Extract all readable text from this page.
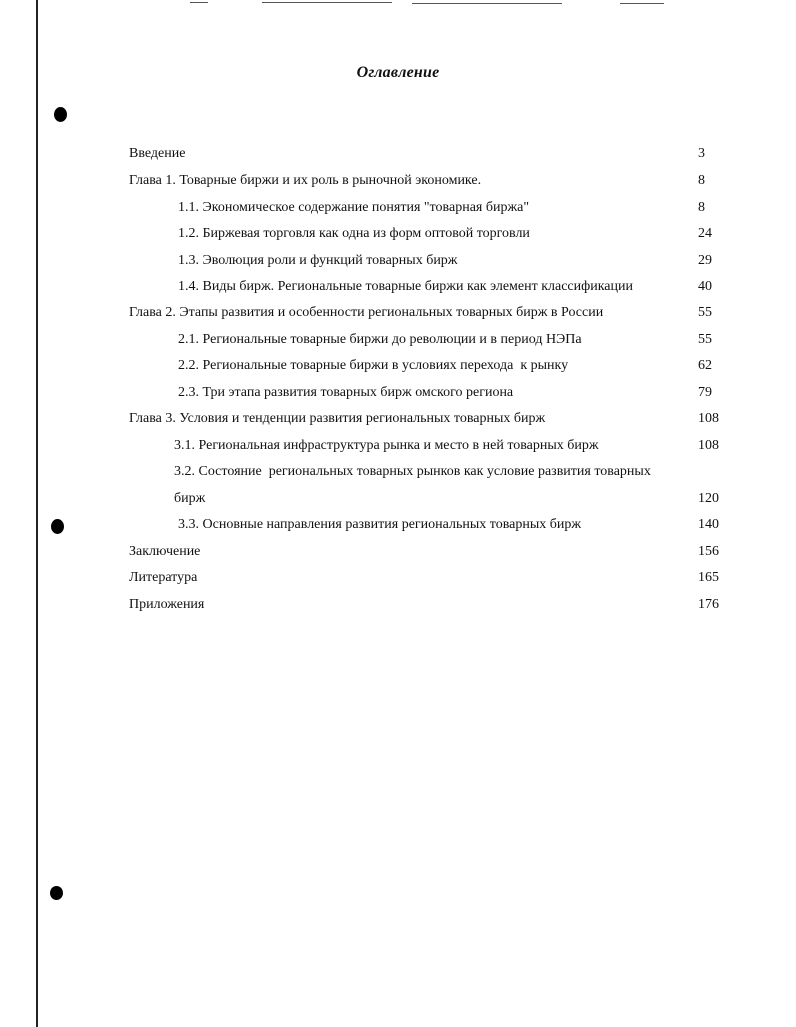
Оглавление
Введение
Глава 1. Товарные биржи и их роль в рыночной экономике.
1.1. Экономическое содержание понятия "товарная биржа"
1.2. Биржевая торговля как одна из форм оптовой торговли
1.3. Эволюция роли и функций товарных бирж
1.4. Виды бирж. Региональные товарные биржи как элемент классификации
Глава 2. Этапы развития и особенности региональных товарных бирж в России
2.1. Региональные товарные биржи до революции и в период НЭПа
2.2. Региональные товарные биржи в условиях перехода  к рынку
2.3. Три этапа развития товарных бирж омского региона
Глава 3. Условия и тенденции развития региональных товарных бирж
3.1. Региональная инфраструктура рынка и место в ней товарных бирж
3.2. Состояние  региональных товарных рынков как условие развития товарных
бирж
3.3. Основные направления развития региональных товарных бирж
Заключение
Литература
Приложения
3
8
8
24
29
40
55
55
62
79
108
108
120
140
156
165
176
